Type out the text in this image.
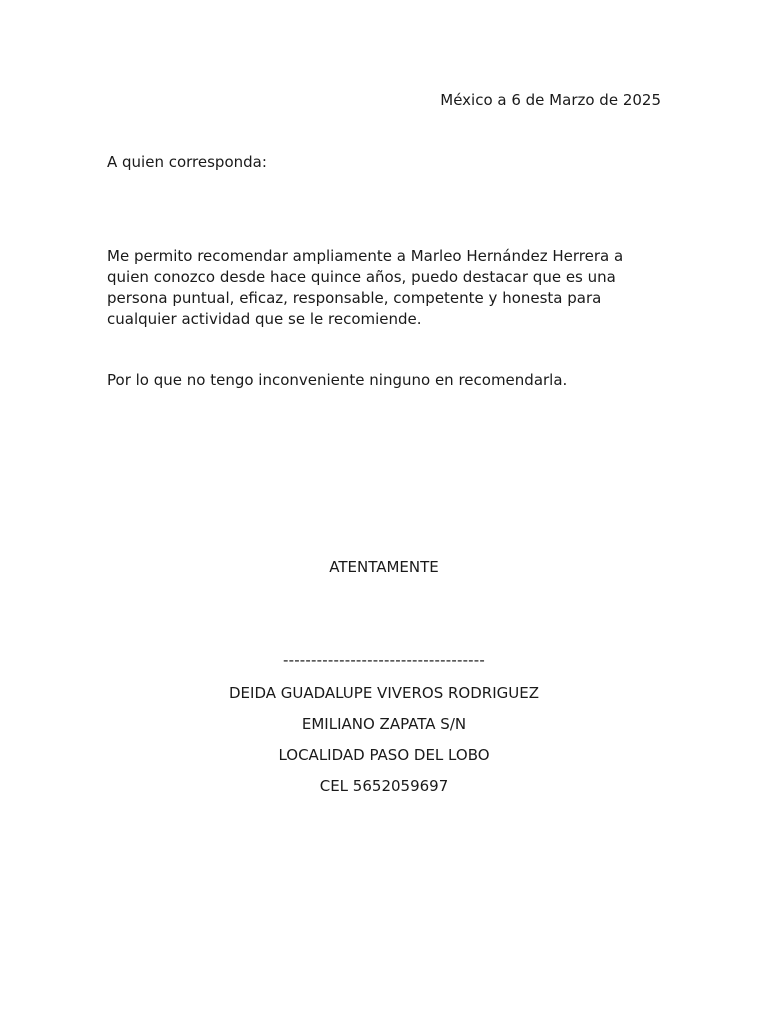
México a 6 de Marzo de 2025
A quien corresponda:

Me permito recomendar ampliamente a Marleo Hernández Herrera a quien conozco desde hace quince años, puedo destacar que es una persona puntual, eficaz, responsable, competente y honesta para cualquier actividad que se le recomiende.

Por lo que no tengo inconveniente ninguno en recomendarla.

ATENTAMENTE
------------------------------------
DEIDA GUADALUPE VIVEROS RODRIGUEZ
EMILIANO ZAPATA S/N
LOCALIDAD PASO DEL LOBO
CEL 5652059697
